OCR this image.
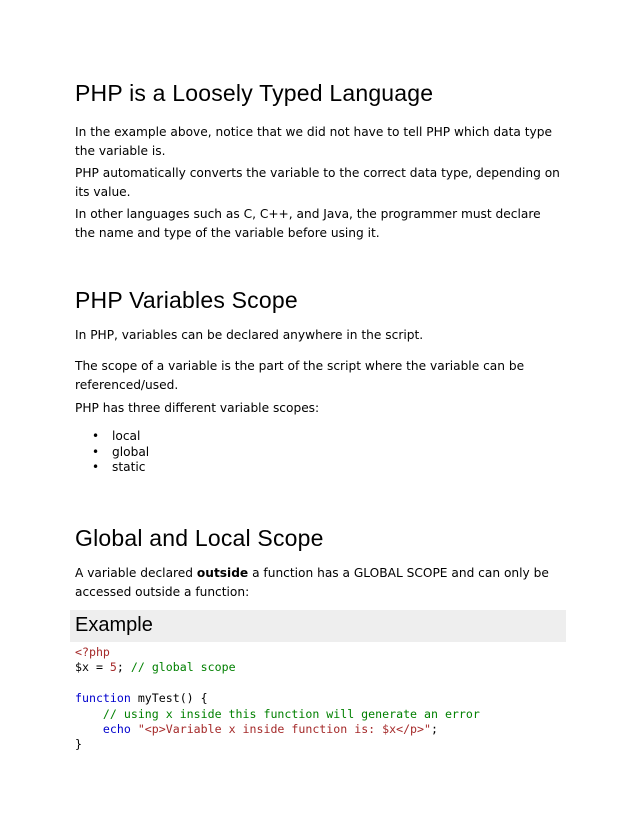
PHP is a Loosely Typed Language

In the example above, notice that we did not have to tell PHP which data type
the variable is.

PHP automatically converts the variable to the correct data type, depending on
its value.

In other languages such as C, C++, and Java, the programmer must declare
the name and type of the variable before using it.

PHP Variables Scope

In PHP, variables can be declared anywhere in the script.

The scope of a variable is the part of the script where the variable can be
referenced/used.

PHP has three different variable scopes:

• local
• global
• static
Global and Local Scope

A variable declared outside a function has a GLOBAL SCOPE and can only be
accessed outside a function:

Example
<?php
$x = 5; // global scope

function myTest() {
// using x inside this function will generate an error
echo "<p>Variable x inside function is: $x</p>";
}
